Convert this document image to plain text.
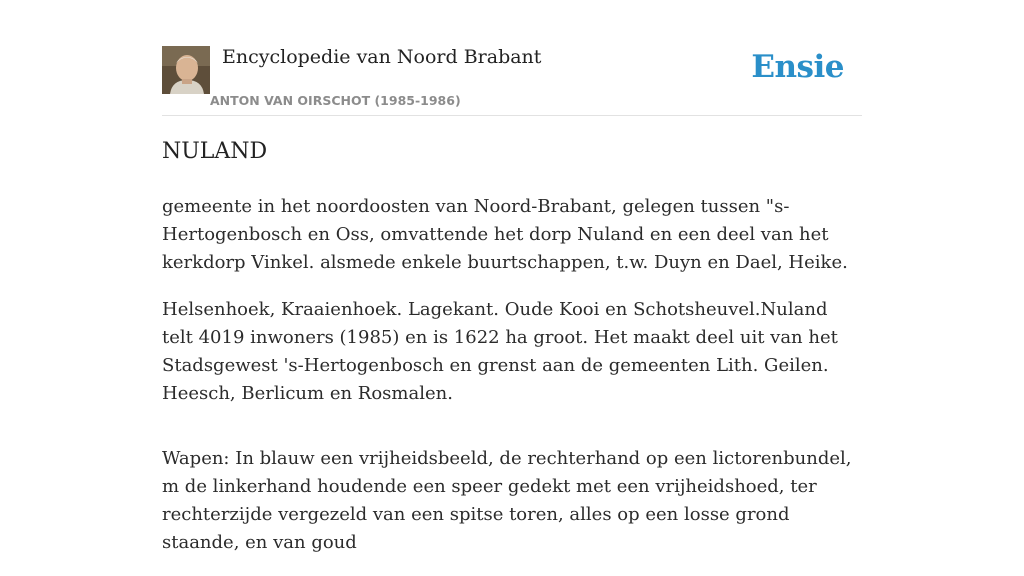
Encyclopedie van Noord Brabant
ANTON VAN OIRSCHOT (1985-1986)
Ensie
NULAND

gemeente in het noordoosten van Noord-Brabant, gelegen tussen "s-Hertogenbosch en Oss, omvattende het dorp Nuland en een deel van het kerkdorp Vinkel. alsmede enkele buurtschappen, t.w. Duyn en Dael, Heike.

Helsenhoek, Kraaienhoek. Lagekant. Oude Kooi en Schotsheuvel.Nuland telt 4019 inwoners (1985) en is 1622 ha groot. Het maakt deel uit van het Stadsgewest 's-Hertogenbosch en grenst aan de gemeenten Lith. Geilen. Heesch, Berlicum en Rosmalen.

Wapen: In blauw een vrijheidsbeeld, de rechterhand op een lictorenbundel, m de linkerhand houdende een speer gedekt met een vrijheidshoed, ter rechterzijde vergezeld van een spitse toren, alles op een losse grond staande, en van goud
